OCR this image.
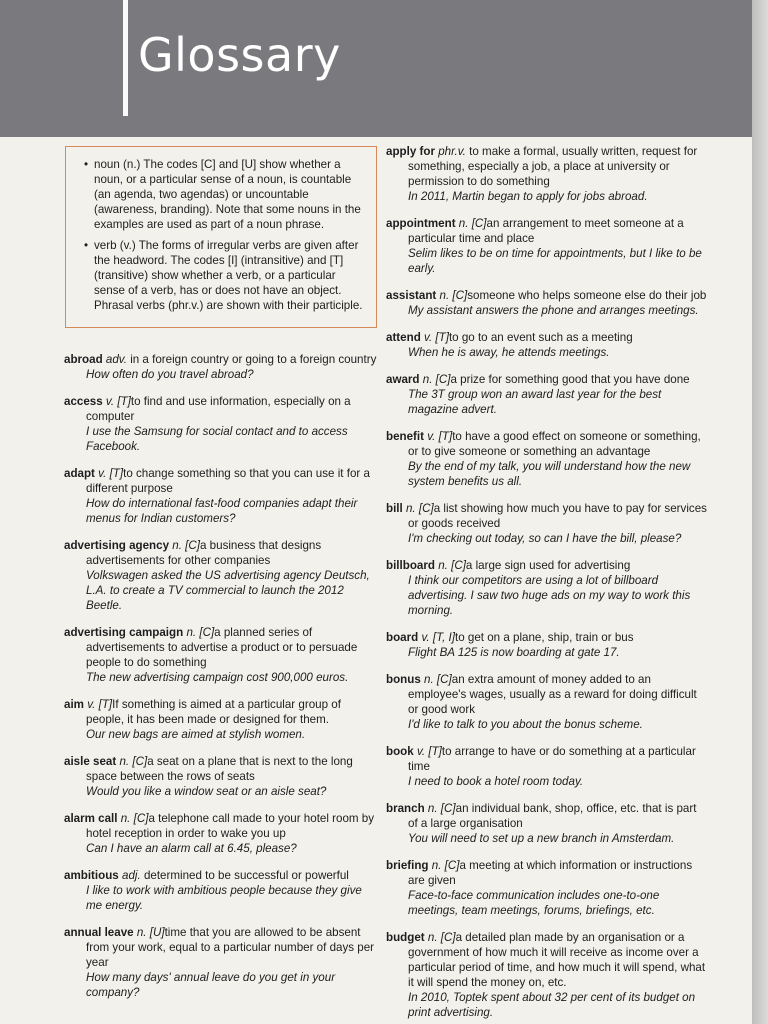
Glossary

• noun (n.) The codes [C] and [U] show whether a noun, or a particular sense of a noun, is countable (an agenda, two agendas) or uncountable (awareness, branding). Note that some nouns in the examples are used as part of a noun phrase.

• verb (v.) The forms of irregular verbs are given after the headword. The codes [I] (intransitive) and [T] (transitive) show whether a verb, or a particular sense of a verb, has or does not have an object. Phrasal verbs (phr.v.) are shown with their participle.

abroad adv. in a foreign country or going to a foreign country
How often do you travel abroad?
access v. [T]to find and use information, especially on a computer
I use the Samsung for social contact and to access Facebook.
adapt v. [T]to change something so that you can use it for a different purpose
How do international fast-food companies adapt their menus for Indian customers?
advertising agency n. [C]a business that designs advertisements for other companies
Volkswagen asked the US advertising agency Deutsch, L.A. to create a TV commercial to launch the 2012 Beetle.
advertising campaign n. [C]a planned series of advertisements to advertise a product or to persuade people to do something
The new advertising campaign cost 900,000 euros.
aim v. [T]If something is aimed at a particular group of people, it has been made or designed for them.
Our new bags are aimed at stylish women.
aisle seat n. [C]a seat on a plane that is next to the long space between the rows of seats
Would you like a window seat or an aisle seat?
alarm call n. [C]a telephone call made to your hotel room by hotel reception in order to wake you up
Can I have an alarm call at 6.45, please?
ambitious adj. determined to be successful or powerful
I like to work with ambitious people because they give me energy.
annual leave n. [U]time that you are allowed to be absent from your work, equal to a particular number of days per year
How many days' annual leave do you get in your company?
apply for phr.v. to make a formal, usually written, request for something, especially a job, a place at university or permission to do something
In 2011, Martin began to apply for jobs abroad.
appointment n. [C]an arrangement to meet someone at a particular time and place
Selim likes to be on time for appointments, but I like to be early.
assistant n. [C]someone who helps someone else do their job
My assistant answers the phone and arranges meetings.
attend v. [T]to go to an event such as a meeting
When he is away, he attends meetings.
award n. [C]a prize for something good that you have done
The 3T group won an award last year for the best magazine advert.
benefit v. [T]to have a good effect on someone or something, or to give someone or something an advantage
By the end of my talk, you will understand how the new system benefits us all.
bill n. [C]a list showing how much you have to pay for services or goods received
I'm checking out today, so can I have the bill, please?
billboard n. [C]a large sign used for advertising
I think our competitors are using a lot of billboard advertising. I saw two huge ads on my way to work this morning.
board v. [T, I]to get on a plane, ship, train or bus
Flight BA 125 is now boarding at gate 17.
bonus n. [C]an extra amount of money added to an employee's wages, usually as a reward for doing difficult or good work
I'd like to talk to you about the bonus scheme.
book v. [T]to arrange to have or do something at a particular time
I need to book a hotel room today.
branch n. [C]an individual bank, shop, office, etc. that is part of a large organisation
You will need to set up a new branch in Amsterdam.
briefing n. [C]a meeting at which information or instructions are given
Face-to-face communication includes one-to-one meetings, team meetings, forums, briefings, etc.
budget n. [C]a detailed plan made by an organisation or a government of how much it will receive as income over a particular period of time, and how much it will spend, what it will spend the money on, etc.
In 2010, Toptek spent about 32 per cent of its budget on print advertising.
